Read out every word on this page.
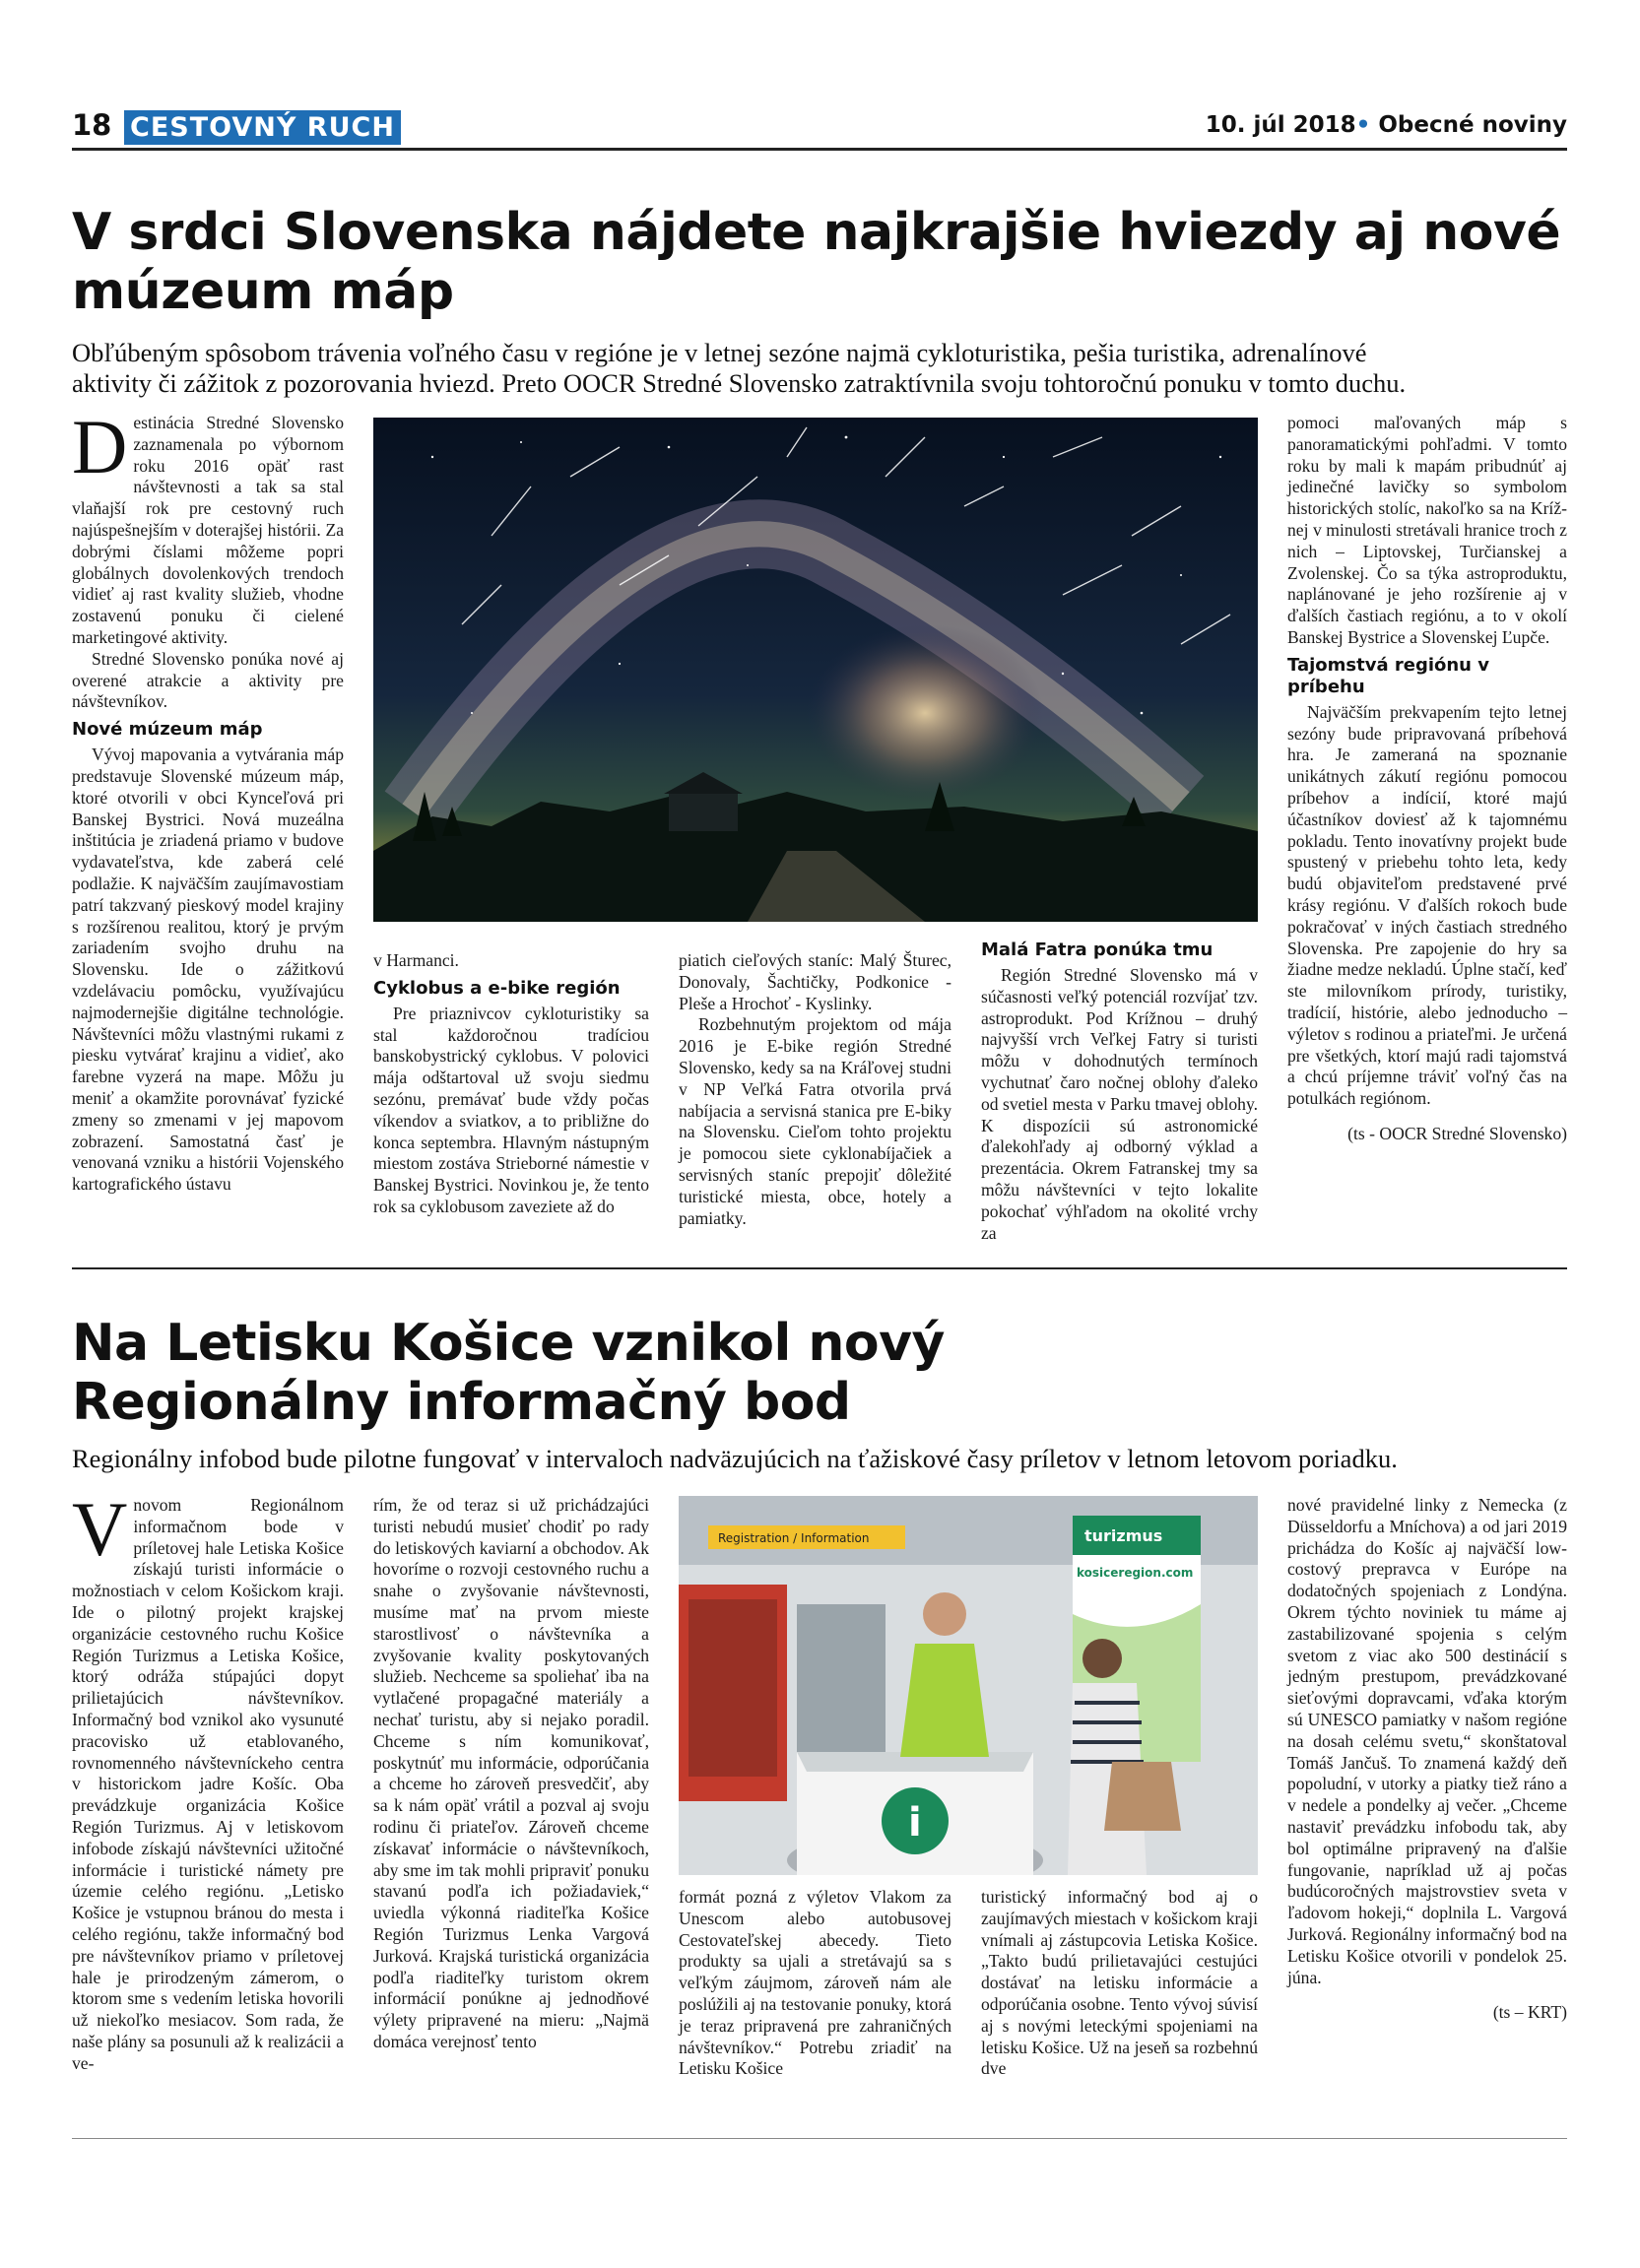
18 CESTOVNÝ RUCH	10. júl 2018• Obecné noviny
V srdci Slovenska nájdete najkrajšie hviezdy aj nové
múzeum máp
Obľúbeným spôsobom trávenia voľného času v regióne je v letnej sezóne najmä cykloturistika, pešia turistika, adrenalínové
aktivity či zážitok z pozorovania hviezd. Preto OOCR Stredné Slovensko zatraktívnila svoju tohtoročnú ponuku v tomto duchu.

Destinácia Stredné Slovensko zaznamenala po výbornom roku 2016 opäť rast návštevnosti a tak sa stal vlaňajší rok pre cestovný ruch najúspešnejším v doterajšej histórii. Za dobrými číslami môžeme popri globálnych dovolenkových trendoch vidieť aj rast kvality služieb, vhodne zostavenú ponuku či cielené marketingové aktivity.

Stredné Slovensko ponúka nové aj overené atrakcie a aktivity pre návštevníkov.

Nové múzeum máp

Vývoj mapovania a vytvárania máp predstavuje Slovenské múzeum máp, ktoré otvorili v obci Kynceľová pri Banskej Bystrici. Nová muzeálna inštitúcia je zriadená priamo v budove vydavateľstva, kde zaberá celé podlažie. K najväčším zaujímavostiam patrí takzvaný pieskový model krajiny s rozšírenou realitou, ktorý je prvým zariadením svojho druhu na Slovensku. Ide o zážitkovú vzdelávaciu pomôcku, využívajúcu najmodernejšie digitálne technológie. Návštevníci môžu vlastnými rukami z piesku vytvárať krajinu a vidieť, ako farebne vyzerá na mape. Môžu ju meniť a okamžite porovnávať fyzické zmeny so zmenami v jej mapovom zobrazení. Samostatná časť je venovaná vzniku a histórii Vojenského kartografického ústavu

v Harmanci.

Cyklobus a e-bike región

Pre priaznivcov cykloturistiky sa stal každoročnou tradíciou banskobystrický cyklobus. V polovici mája odštartoval už svoju siedmu sezónu, premávať bude vždy počas víkendov a sviatkov, a to približne do konca septembra. Hlavným nástupným miestom zostáva Strieborné námestie v Banskej Bystrici. Novinkou je, že tento rok sa cyklobusom zaveziete až do

piatich cieľových staníc: Malý Šturec, Donovaly, Šachtičky, Podkonice - Pleše a Hrochoť - Kyslinky.

Rozbehnutým projektom od mája 2016 je E-bike región Stredné Slovensko, kedy sa na Kráľovej studni v NP Veľká Fatra otvorila prvá nabíjacia a servisná stanica pre E-biky na Slovensku. Cieľom tohto projektu je pomocou siete cyklonabíjačiek a servisných staníc prepojiť dôležité turistické miesta, obce, hotely a pamiatky.

Malá Fatra ponúka tmu

Región Stredné Slovensko má v súčasnosti veľký potenciál rozvíjať tzv. astroprodukt. Pod Krížnou – druhý najvyšší vrch Veľkej Fatry si turisti môžu v dohodnutých termínoch vychutnať čaro nočnej oblohy ďaleko od svetiel mesta v Parku tmavej oblohy. K dispozícii sú astronomické ďalekohľady aj odborný výklad a prezentácia. Okrem Fatranskej tmy sa môžu návštevníci v tejto lokalite pokochať výhľadom na okolité vrchy za

pomoci maľovaných máp s panoramatickými pohľadmi. V tomto roku by mali k mapám pribudnúť aj jedinečné lavičky so symbolom historických stolíc, nakoľko sa na Krížnej v minulosti stretávali hranice troch z nich – Liptovskej, Turčianskej a Zvolenskej. Čo sa týka astroproduktu, naplánované je jeho rozšírenie aj v ďalších častiach regiónu, a to v okolí Banskej Bystrice a Slovenskej Ľupče.

Tajomstvá regiónu v príbehu

Najväčším prekvapením tejto letnej sezóny bude pripravovaná príbehová hra. Je zameraná na spoznanie unikátnych zákutí regiónu pomocou príbehov a indícií, ktoré majú účastníkov doviesť až k tajomnému pokladu. Tento inovatívny projekt bude spustený v priebehu tohto leta, kedy budú objaviteľom predstavené prvé krásy regiónu. V ďalších rokoch bude pokračovať v iných častiach stredného Slovenska. Pre zapojenie do hry sa žiadne medze nekladú. Úplne stačí, keď ste milovníkom prírody, turistiky, tradícií, histórie, alebo jednoducho – výletov s rodinou a priateľmi. Je určená pre všetkých, ktorí majú radi tajomstvá a chcú príjemne tráviť voľný čas na potulkách regiónom.

(ts - OOCR Stredné Slovensko)

Na Letisku Košice vznikol nový
Regionálny informačný bod
Regionálny infobod bude pilotne fungovať v intervaloch nadväzujúcich na ťažiskové časy príletov v letnom letovom poriadku.

Vnovom Regionálnom informačnom bode v príletovej hale Letiska Košice získajú turisti informácie o možnostiach v celom Košickom kraji. Ide o pilotný projekt krajskej organizácie cestovného ruchu Košice Región Turizmus a Letiska Košice, ktorý odráža stúpajúci dopyt prilietajúcich návštevníkov. Informačný bod vznikol ako vysunuté pracovisko už etablovaného, rovnomenného návštevníckeho centra v historickom jadre Košíc. Oba prevádzkuje organizácia Košice Región Turizmus. Aj v letiskovom infobode získajú návštevníci užitočné informácie i turistické námety pre územie celého regiónu. „Letisko Košice je vstupnou bránou do mesta i celého regiónu, takže informačný bod pre návštevníkov priamo v príletovej hale je prirodzeným zámerom, o ktorom sme s vedením letiska hovorili už niekoľko mesiacov. Som rada, že naše plány sa posunuli až k realizácii a ve-

rím, že od teraz si už prichádzajúci turisti nebudú musieť chodiť po rady do letiskových kaviarní a obchodov. Ak hovoríme o rozvoji cestovného ruchu a snahe o zvyšovanie návštevnosti, musíme mať na prvom mieste starostlivosť o návštevníka a zvyšovanie kvality poskytovaných služieb. Nechceme sa spoliehať iba na vytlačené propagačné materiály a nechať turistu, aby si nejako poradil. Chceme s ním komunikovať, poskytnúť mu informácie, odporúčania a chceme ho zároveň presvedčiť, aby sa k nám opäť vrátil a pozval aj svoju rodinu či priateľov. Zároveň chceme získavať informácie o návštevníkoch, aby sme im tak mohli pripraviť ponuku stavanú podľa ich požiadaviek,“ uviedla výkonná riaditeľka Košice Región Turizmus Lenka Vargová Jurková. Krajská turistická organizácia podľa riaditeľky turistom okrem informácií ponúkne aj jednodňové výlety pripravené na mieru: „Najmä domáca verejnosť tento

Registration / Information	turizmus
kosiceregion.com
i

formát pozná z výletov Vlakom za Unescom alebo autobusovej Cestovateľskej abecedy. Tieto produkty sa ujali a stretávajú sa s veľkým záujmom, zároveň nám ale poslúžili aj na testovanie ponuky, ktorá je teraz pripravená pre zahraničných návštevníkov.“ Potrebu zriadiť na Letisku Košice

turistický informačný bod aj o zaujímavých miestach v košickom kraji vnímali aj zástupcovia Letiska Košice. „Takto budú prilietavajúci cestujúci dostávať na letisku informácie a odporúčania osobne. Tento vývoj súvisí aj s novými leteckými spojeniami na letisku Košice. Už na jeseň sa rozbehnú dve

nové pravidelné linky z Nemecka (z Düsseldorfu a Mníchova) a od jari 2019 prichádza do Košíc aj najväčší low-costový prepravca v Európe na dodatočných spojeniach z Londýna. Okrem týchto noviniek tu máme aj zastabilizované spojenia s celým svetom z viac ako 500 destinácií s jedným prestupom, prevádzkované sieťovými dopravcami, vďaka ktorým sú UNESCO pamiatky v našom regióne na dosah celému svetu,“ skonštatoval Tomáš Jančuš. To znamená každý deň popoludní, v utorky a piatky tiež ráno a v nedele a pondelky aj večer. „Chceme nastaviť prevádzku infobodu tak, aby bol optimálne pripravený na ďalšie fungovanie, napríklad už aj počas budúcoročných majstrovstiev sveta v ľadovom hokeji,“ doplnila L. Vargová Jurková. Regionálny informačný bod na Letisku Košice otvorili v pondelok 25. júna.

(ts – KRT)
